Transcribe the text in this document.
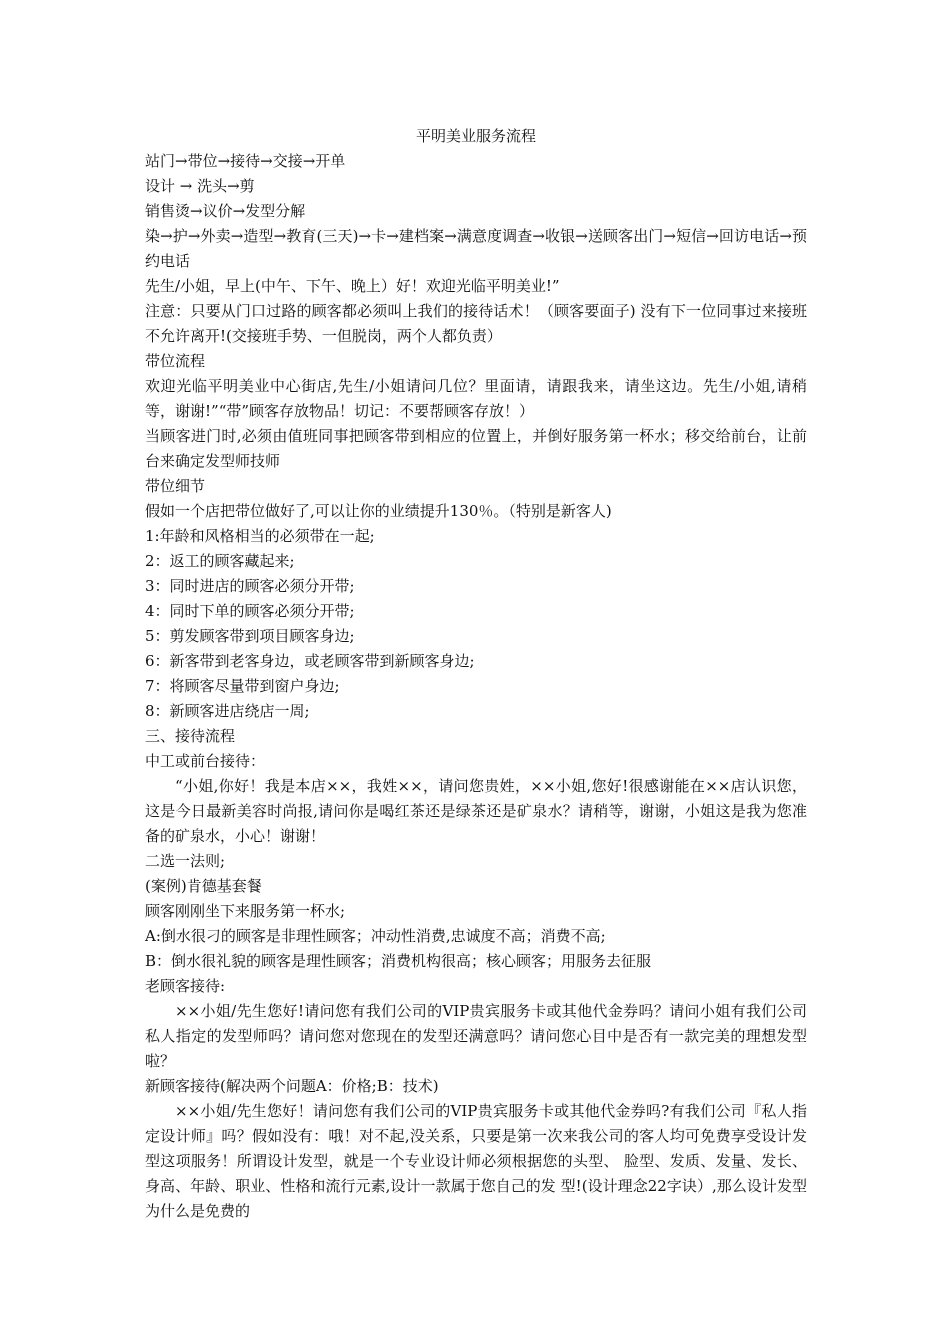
平明美业服务流程

站门→带位→接待→交接→开单

设计 → 洗头→剪

销售烫→议价→发型分解

染→护→外卖→造型→教育(三天)→卡→建档案→满意度调查→收银→送顾客出门→短信→回访电话→预约电话

先生/小姐，早上(中午、下午、晚上）好！欢迎光临平明美业!”

注意：只要从门口过路的顾客都必须叫上我们的接待话术！（顾客要面子) 没有下一位同事过来接班不允许离开!(交接班手势、一但脱岗，两个人都负责）

带位流程

欢迎光临平明美业中心街店,先生/小姐请问几位？里面请，请跟我来，请坐这边。先生/小姐,请稍等，谢谢!”“带”顾客存放物品！切记：不要帮顾客存放！）

当顾客进门时,必须由值班同事把顾客带到相应的位置上，并倒好服务第一杯水；移交给前台，让前台来确定发型师技师

带位细节

假如一个店把带位做好了,可以让你的业绩提升130％。（特别是新客人)

1:年龄和风格相当的必须带在一起;

2：返工的顾客藏起来;

3：同时进店的顾客必须分开带;

4：同时下单的顾客必须分开带;

5：剪发顾客带到项目顾客身边;

6：新客带到老客身边，或老顾客带到新顾客身边;

7：将顾客尽量带到窗户身边;

8：新顾客进店绕店一周;

三、接待流程

中工或前台接待：

“小姐,你好！我是本店××，我姓××，请问您贵姓，××小姐,您好!很感谢能在××店认识您，这是今日最新美容时尚报,请问你是喝红茶还是绿茶还是矿泉水？请稍等，谢谢，小姐这是我为您准备的矿泉水，小心！谢谢！

二选一法则;

(案例)肯德基套餐

顾客刚刚坐下来服务第一杯水;

A:倒水很刁的顾客是非理性顾客；冲动性消费,忠诚度不高；消费不高;

B：倒水很礼貌的顾客是理性顾客；消费机构很高；核心顾客；用服务去征服

老顾客接待:

××小姐/先生您好!请问您有我们公司的VIP贵宾服务卡或其他代金券吗？请问小姐有我们公司私人指定的发型师吗？请问您对您现在的发型还满意吗？请问您心目中是否有一款完美的理想发型啦？

新顾客接待(解决两个问题A：价格;B：技术)

××小姐/先生您好！请问您有我们公司的VIP贵宾服务卡或其他代金券吗?有我们公司『私人指定设计师』吗？假如没有：哦！对不起,没关系，只要是第一次来我公司的客人均可免费享受设计发型这项服务！所谓设计发型，就是一个专业设计师必须根据您的头型、 脸型、发质、发量、发长、身高、年龄、职业、性格和流行元素,设计一款属于您自己的发 型!(设计理念22字诀）,那么设计发型为什么是免费的
